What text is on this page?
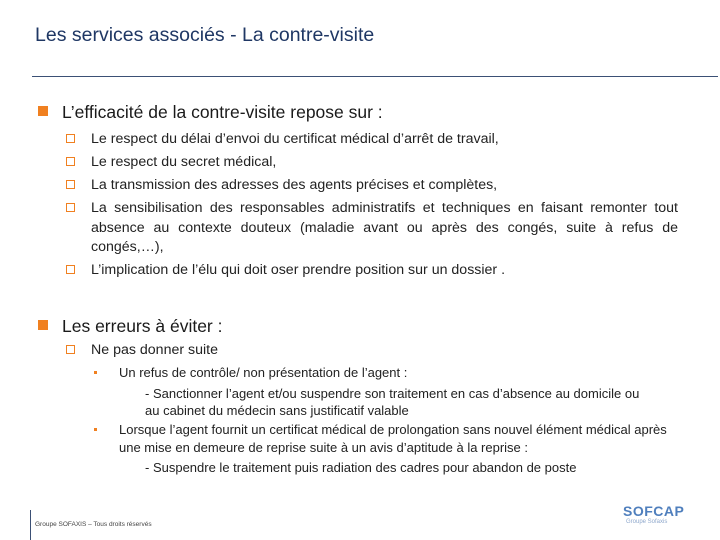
Les services associés - La contre-visite
L’efficacité de la contre-visite repose sur :
Le respect du délai d’envoi du certificat médical d’arrêt de travail,
Le respect du secret médical,
La transmission des adresses des agents précises et complètes,
La sensibilisation des responsables administratifs et techniques en faisant remonter tout absence au contexte douteux (maladie avant ou après des congés, suite à refus de congés,…),
L’implication de l’élu qui doit oser prendre position sur un dossier .
Les erreurs à éviter :
Ne pas donner suite
Un refus de contrôle/ non présentation de l’agent :
- Sanctionner l’agent et/ou suspendre son traitement en cas d’absence au domicile ou au cabinet du médecin sans justificatif valable
Lorsque l’agent fournit un certificat médical de prolongation sans nouvel élément médical après une mise en demeure de reprise suite à un avis d’aptitude à la reprise :
- Suspendre le traitement puis radiation des cadres pour abandon de poste
Groupe SOFAXIS – Tous droits réservés
SOFCAP
Groupe Sofaxis
